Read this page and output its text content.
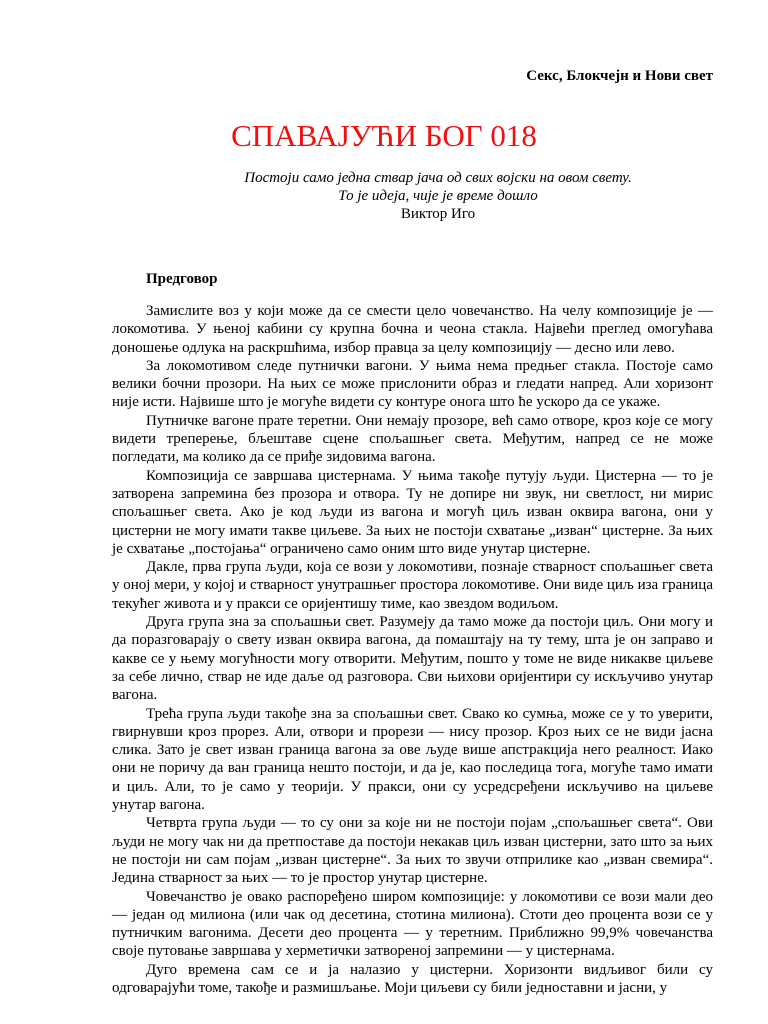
Секс, Блокчејн и Нови свет
СПАВАЈУЋИ БОГ 018
Постоји само једна ствар јача од свих војски на овом свету.
То је идеја, чије је време дошло
Виктор Иго
Предговор

Замислите воз у који може да се смести цело човечанство. На челу композиције је — локомотива. У њеној кабини су крупна бочна и чеона стакла. Највећи преглед омогућава доношење одлука на раскршћима, избор правца за целу композицију — десно или лево.

За локомотивом следе путнички вагони. У њима нема предњег стакла. Постоје само велики бочни прозори. На њих се може прислонити образ и гледати напред. Али хоризонт није исти. Највише што је могуће видети су контуре онога што ће ускоро да се укаже.

Путничке вагоне прате теретни. Они немају прозоре, већ само отворе, кроз које се могу видети треперење, бљештаве сцене спољашњег света. Међутим, напред се не може погледати, ма колико да се приђе зидовима вагона.

Композиција се завршава цистернама. У њима такође путују људи. Цистерна — то је затворена запремина без прозора и отвора. Ту не допире ни звук, ни светлост, ни мирис спољашњег света. Ако је код људи из вагона и могућ циљ изван оквира вагона, они у цистерни не могу имати такве циљеве. За њих не постоји схватање „изван“ цистерне. За њих је схватање „постојања“ ограничено само оним што виде унутар цистерне.

Дакле, прва група људи, која се вози у локомотиви, познаје стварност спољашњег света у оној мери, у којој и стварност унутрашњег простора локомотиве. Они виде циљ иза граница текућег живота и у пракси се оријентишу тиме, као звездом водиљом.

Друга група зна за спољашњи свет. Разумеју да тамо може да постоји циљ. Они могу и да поразговарају о свету изван оквира вагона, да помаштају на ту тему, шта је он заправо и какве се у њему могућности могу отворити. Међутим, пошто у томе не виде никакве циљеве за себе лично, ствар не иде даље од разговора. Сви њихови оријентири су искључиво унутар вагона.

Трећа група људи такође зна за спољашњи свет. Свако ко сумња, може се у то уверити, гвирнувши кроз прорез. Али, отвори и прорези — нису прозор. Кроз њих се не види јасна слика. Зато је свет изван граница вагона за ове људе више апстракција него реалност. Иако они не поричу да ван граница нешто постоји, и да је, као последица тога, могуће тамо имати и циљ. Али, то је само у теорији. У пракси, они су усредсређени искључиво на циљеве унутар вагона.

Четврта група људи — то су они за које ни не постоји појам „спољашњег света“. Ови људи не могу чак ни да претпоставе да постоји некакав циљ изван цистерни, зато што за њих не постоји ни сам појам „изван цистерне“. За њих то звучи отприлике као „изван свемира“. Једина стварност за њих — то је простор унутар цистерне.

Човечанство је овако распоређено широм композиције: у локомотиви се вози мали део — један од милиона (или чак од десетина, стотина милиона). Стоти део процента вози се у путничким вагонима. Десети део процента — у теретним. Приближно 99,9% човечанства своје путовање завршава у херметички затвореној запремини — у цистернама.

Дуго времена сам се и ја налазио у цистерни. Хоризонти видљивог били су одговарајући томе, такође и размишљање. Моји циљеви су били једноставни и јасни, у
